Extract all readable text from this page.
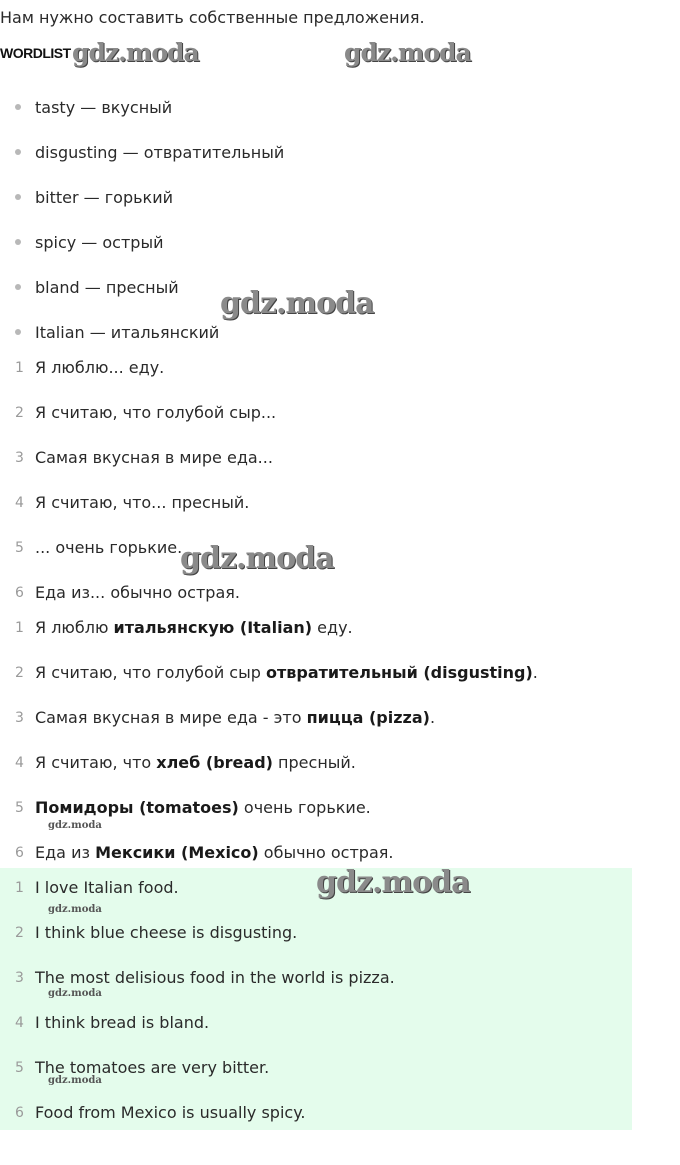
Нам нужно составить собственные предложения.
WORDLIST gdz.moda	gdz.moda
tasty — вкусный
disgusting — отвратительный
bitter — горький
spicy — острый
bland — пресный
Italian — итальянский
gdz.moda
1 Я люблю... еду.
2 Я считаю, что голубой сыр...
3 Самая вкусная в мире еда...
4 Я считаю, что... пресный.
5 ... очень горькие.
6 Еда из... обычно острая.
gdz.moda
1 Я люблю итальянскую (Italian) еду.
2 Я считаю, что голубой сыр отвратительный (disgusting).
3 Самая вкусная в мире еда - это пицца (pizza).
4 Я считаю, что хлеб (bread) пресный.
5 Помидоры (tomatoes) очень горькие.
6 Еда из Мексики (Mexico) обычно острая.
gdz.moda
1 I love Italian food.
2 I think blue cheese is disgusting.
3 The most delisious food in the world is pizza.
4 I think bread is bland.
5 The tomatoes are very bitter.
6 Food from Mexico is usually spicy.
gdz.moda
gdz.moda
gdz.moda
gdz.moda
